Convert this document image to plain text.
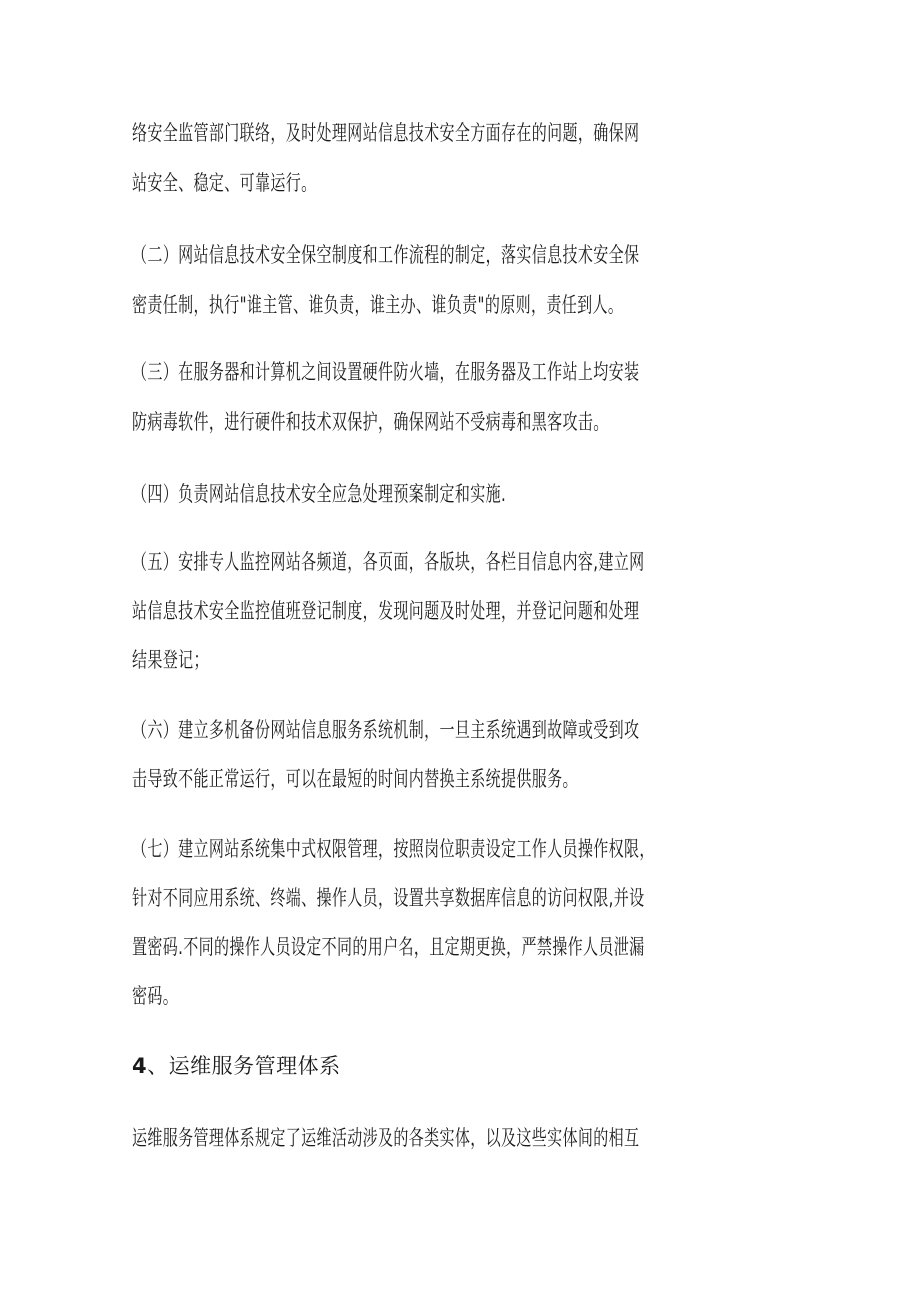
络安全监管部门联络，及时处理网站信息技术安全方面存在的问题，确保网
站安全、稳定、可靠运行。
（二）网站信息技术安全保空制度和工作流程的制定，落实信息技术安全保
密责任制，执行"谁主管、谁负责，谁主办、谁负责"的原则，责任到人。
（三）在服务器和计算机之间设置硬件防火墙，在服务器及工作站上均安装
防病毒软件，进行硬件和技术双保护，确保网站不受病毒和黑客攻击。
（四）负责网站信息技术安全应急处理预案制定和实施.
（五）安排专人监控网站各频道，各页面，各版块，各栏目信息内容,建立网
站信息技术安全监控值班登记制度，发现问题及时处理，并登记问题和处理
结果登记；
（六）建立多机备份网站信息服务系统机制，一旦主系统遇到故障或受到攻
击导致不能正常运行，可以在最短的时间内替换主系统提供服务。
（七）建立网站系统集中式权限管理，按照岗位职责设定工作人员操作权限，
针对不同应用系统、终端、操作人员，设置共享数据库信息的访问权限,并设
置密码.不同的操作人员设定不同的用户名，且定期更换，严禁操作人员泄漏
密码。
4、运维服务管理体系
运维服务管理体系规定了运维活动涉及的各类实体，以及这些实体间的相互
